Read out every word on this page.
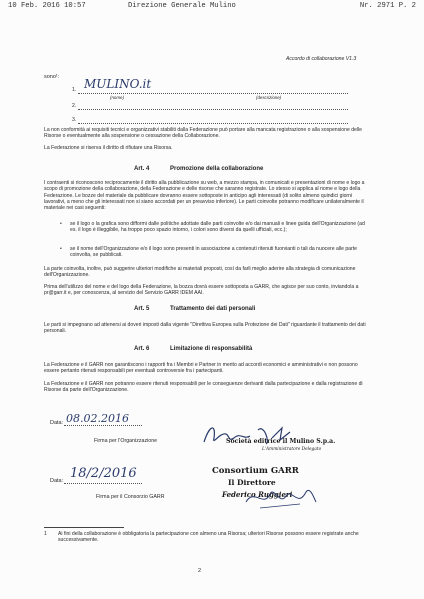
10 Feb. 2016 10:57	Direzione Generale Mulino	Nr. 2971 P. 2
Accordo di collaborazione V1.3
sono¹:
1. MULINO.it
(nome)	(descrizione)
2.
3.
La non conformità ai requisiti tecnici e organizzativi stabiliti dalla Federazione può portare alla mancata registrazione o alla sospensione delle Risorse o eventualmente alla sospensione o cessazione della Collaborazione.
La Federazione si riserva il diritto di rifiutare una Risorsa.
Art. 4	Promozione della collaborazione
I contraenti si riconoscono reciprocamente il diritto alla pubblicazione su web, a mezzo stampa, in comunicati e presentazioni di nome e logo a scopo di promozione della collaborazione, della Federazione e delle risorse che saranno registrate. Lo stesso si applica al nome e logo della Federazione. Le bozze del materiale da pubblicare dovranno essere sottoposte in anticipo agli interessati (di solito almeno quindici giorni lavorativi, a meno che gli interessati non si siano accordati per un preavviso inferiore). Le parti coinvolte potranno modificare unilateralmente il materiale nei casi seguenti:
• se il logo o la grafica sono difformi dalle politiche adottate dalle parti coinvolte e/o dai manuali e linee guida dell'Organizzazione (ad es. il logo è illeggibile, ha troppo poco spazio intorno, i colori sono diversi da quelli ufficiali, ecc.);
• se il nome dell'Organizzazione e/o il logo sono presenti in associazione a contenuti ritenuti fuorvianti o tali da nuocere alle parte coinvolta, se pubblicati.
La parte coinvolta, inoltre, può suggerire ulteriori modifiche ai materiali proposti, così da farli meglio aderire alla strategia di comunicazione dell'Organizzazione.
Prima dell'utilizzo del nome e del logo della Federazione, la bozza dovrà essere sottoposta a GARR, che agisce per suo conto, inviandola a pr@garr.it e, per conoscenza, al servizio del Servizio GARR IDEM AAI.
Art. 5	Trattamento dei dati personali
Le parti si impegnano ad attenersi ai doveri imposti dalla vigente "Direttiva Europea sulla Protezione dei Dati" riguardante il trattamento dei dati personali.
Art. 6	Limitazione di responsabilità
La Federazione e il GARR non garantiscono i rapporti fra i Membri e Partner in merito ad accordi economici e amministrativi e non possono essere pertanto ritenuti responsabili per eventuali controversie fra i partecipanti.
La Federazione e il GARR non potranno essere ritenuti responsabili per le conseguenze derivanti dalla partecipazione e dalla registrazione di Risorse da parte dell'Organizzazione.
Data: 08.02.2016
Firma per l'Organizzazione	Società editrice il Mulino S.p.a.
L'Amministratore Delegato
Data: 18/2/2016
Firma per il Consorzio GARR
Consortium GARR
Il Direttore
Federico Ruggieri
1 Ai fini della collaborazione è obbligatoria la partecipazione con almeno una Risorsa; ulteriori Risorse possono essere registrate anche successivamente.
2
